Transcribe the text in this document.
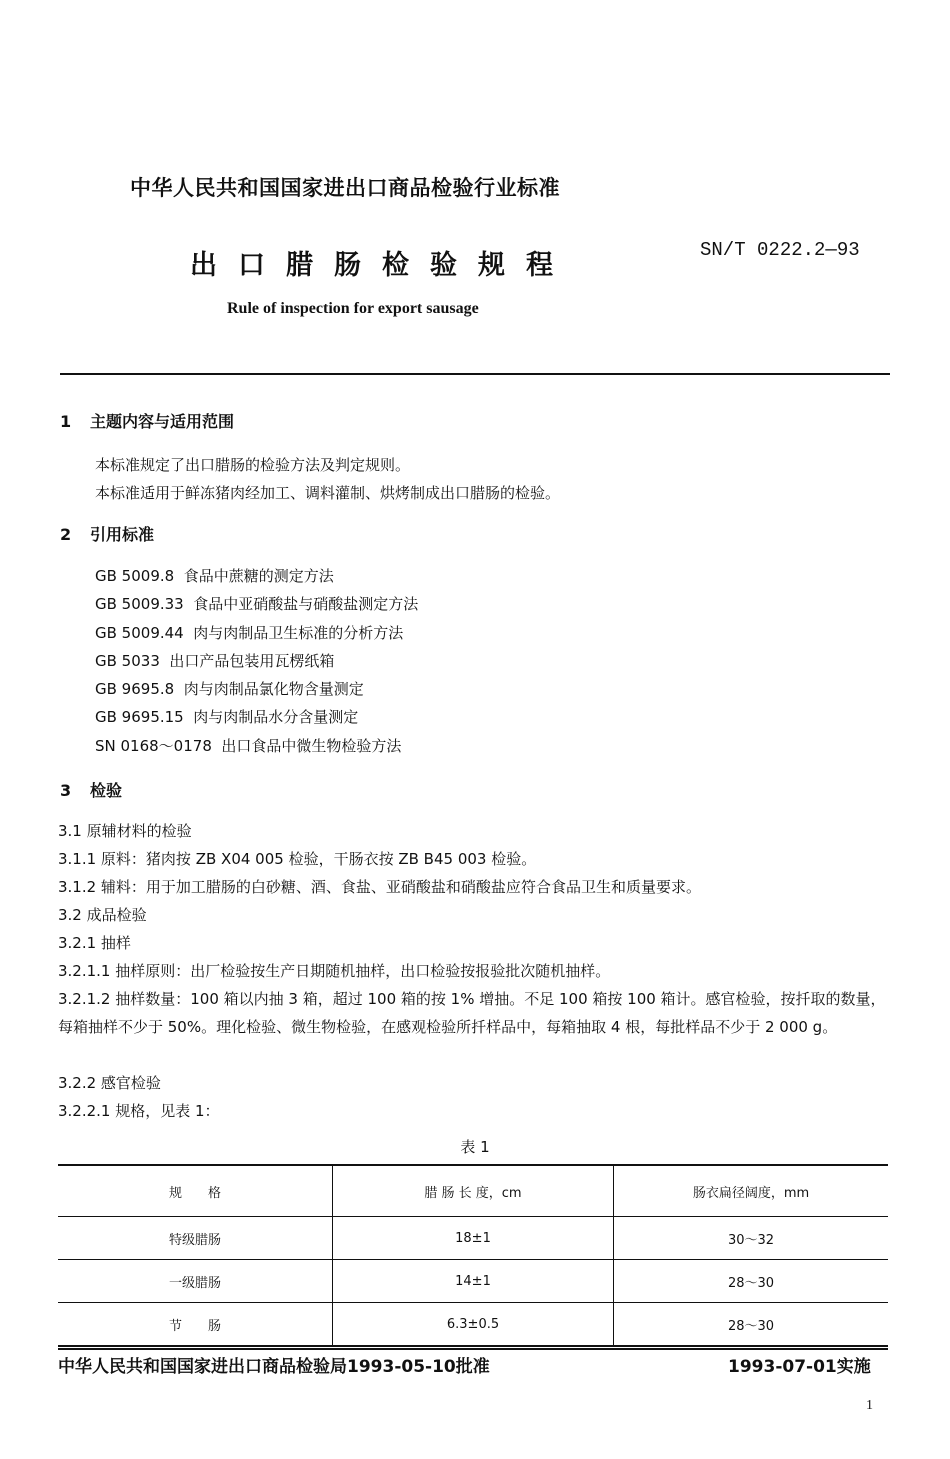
中华人民共和国国家进出口商品检验行业标准
出口腊肠检验规程	SN/T 0222.2—93
Rule of inspection for export sausage
1 主题内容与适用范围
本标准规定了出口腊肠的检验方法及判定规则。
本标准适用于鲜冻猪肉经加工、调料灌制、烘烤制成出口腊肠的检验。
2 引用标准
GB 5009.8 食品中蔗糖的测定方法
GB 5009.33 食品中亚硝酸盐与硝酸盐测定方法
GB 5009.44 肉与肉制品卫生标准的分析方法
GB 5033 出口产品包装用瓦楞纸箱
GB 9695.8 肉与肉制品氯化物含量测定
GB 9695.15 肉与肉制品水分含量测定
SN 0168～0178 出口食品中微生物检验方法
3 检验
3.1 原辅材料的检验
3.1.1 原料：猪肉按 ZB X04 005 检验，干肠衣按 ZB B45 003 检验。
3.1.2 辅料：用于加工腊肠的白砂糖、酒、食盐、亚硝酸盐和硝酸盐应符合食品卫生和质量要求。
3.2 成品检验
3.2.1 抽样
3.2.1.1 抽样原则：出厂检验按生产日期随机抽样，出口检验按报验批次随机抽样。
3.2.1.2 抽样数量：100 箱以内抽 3 箱，超过 100 箱的按 1% 增抽。不足 100 箱按 100 箱计。感官检验，按扦取的数量，每箱抽样不少于 50%。理化检验、微生物检验，在感观检验所扦样品中，每箱抽取 4 根，每批样品不少于 2 000 g。
3.2.2 感官检验
3.2.2.1 规格，见表 1：
表 1
规　　格	腊 肠 长 度，cm	肠衣扁径阔度，mm
特级腊肠	18±1	30～32
一级腊肠	14±1	28～30
节　　肠	6.3±0.5	28～30
中华人民共和国国家进出口商品检验局1993-05-10批准	1993-07-01实施
1
